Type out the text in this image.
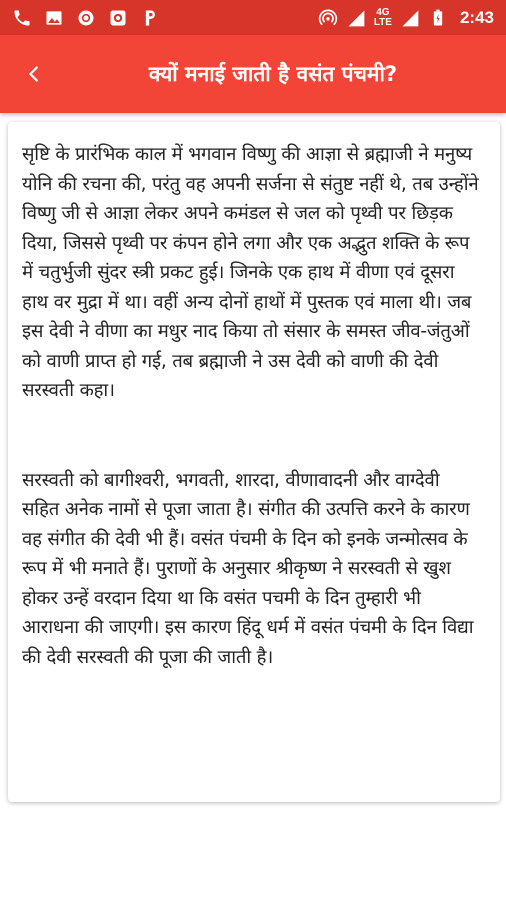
4G
LTE	2:43
क्यों मनाई जाती है वसंत पंचमी?

सृष्टि के प्रारंभिक काल में भगवान विष्णु की आज्ञा से ब्रह्माजी ने मनुष्य योनि की रचना की, परंतु वह अपनी सर्जना से संतुष्ट नहीं थे, तब उन्होंने विष्णु जी से आज्ञा लेकर अपने कमंडल से जल को पृथ्वी पर छिड़क दिया, जिससे पृथ्वी पर कंपन होने लगा और एक अद्भुत शक्ति के रूप में चतुर्भुजी सुंदर स्त्री प्रकट हुई। जिनके एक हाथ में वीणा एवं दूसरा हाथ वर मुद्रा में था। वहीं अन्य दोनों हाथों में पुस्तक एवं माला थी। जब इस देवी ने वीणा का मधुर नाद किया तो संसार के समस्त जीव-जंतुओं को वाणी प्राप्त हो गई, तब ब्रह्माजी ने उस देवी को वाणी की देवी सरस्वती कहा।

सरस्वती को बागीश्वरी, भगवती, शारदा, वीणावादनी और वाग्देवी सहित अनेक नामों से पूजा जाता है। संगीत की उत्पत्ति करने के कारण वह संगीत की देवी भी हैं। वसंत पंचमी के दिन को इनके जन्मोत्सव के रूप में भी मनाते हैं। पुराणों के अनुसार श्रीकृष्ण ने सरस्वती से खुश होकर उन्हें वरदान दिया था कि वसंत पचमी के दिन तुम्हारी भी आराधना की जाएगी। इस कारण हिंदू धर्म में वसंत पंचमी के दिन विद्या की देवी सरस्वती की पूजा की जाती है।
